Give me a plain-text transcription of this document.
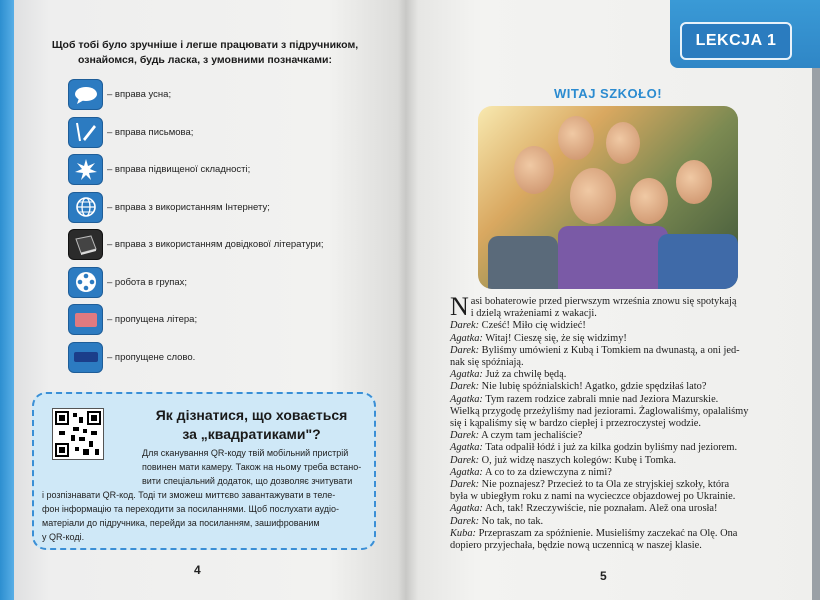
Щоб тобі було зручніше і легше працювати з підручником,
ознайомся, будь ласка, з умовними позначками:
– вправа усна;
– вправа письмова;
– вправа підвищеної складності;
– вправа з використанням Інтернету;
– вправа з використанням довідкової літератури;
– робота в групах;
– пропущена літера;
– пропущене слово.
Як дізнатися, що ховається
за „квадратиками"?
Для сканування QR-коду твій мобільний пристрій
повинен мати камеру. Також на ньому треба встано-
вити спеціальний додаток, що дозволяє зчитувати
і розпізнавати QR-код. Тоді ти зможеш миттєво завантажувати в теле-
фон інформацію та переходити за посиланнями. Щоб послухати аудіо-
матеріали до підручника, перейди за посиланням, зашифрованим
у QR-коді.
4
LEKCJA 1
WITAJ SZKOŁO!
N asi bohaterowie przed pierwszym września znowu się spotykają
i dzielą wrażeniami z wakacji.
Darek: Cześć! Miło cię widzieć!
Agatka: Witaj! Cieszę się, że się widzimy!
Darek: Byliśmy umówieni z Kubą i Tomkiem na dwunastą, a oni jed-
nak się spóźniają.
Agatka: Już za chwilę będą.
Darek: Nie lubię spóźnialskich! Agatko, gdzie spędziłaś lato?
Agatka: Tym razem rodzice zabrali mnie nad Jeziora Mazurskie.
Wielką przygodę przeżyliśmy nad jeziorami. Żaglowaliśmy, opalaliśmy
się i kąpaliśmy się w bardzo ciepłej i przezroczystej wodzie.
Darek: A czym tam jechaliście?
Agatka: Tata odpalił łódź i już za kilka godzin byliśmy nad jeziorem.
Darek: O, już widzę naszych kolegów: Kubę i Tomka.
Agatka: A co to za dziewczyna z nimi?
Darek: Nie poznajesz? Przecież to ta Ola ze stryjskiej szkoły, która
była w ubiegłym roku z nami na wycieczce objazdowej po Ukrainie.
Agatka: Ach, tak! Rzeczywiście, nie poznałam. Alež ona urosła!
Darek: No tak, no tak.
Kuba: Przepraszam za spóźnienie. Musieliśmy zaczekać na Olę. Ona
dopiero przyjechała, będzie nową uczennicą w naszej klasie.
5
